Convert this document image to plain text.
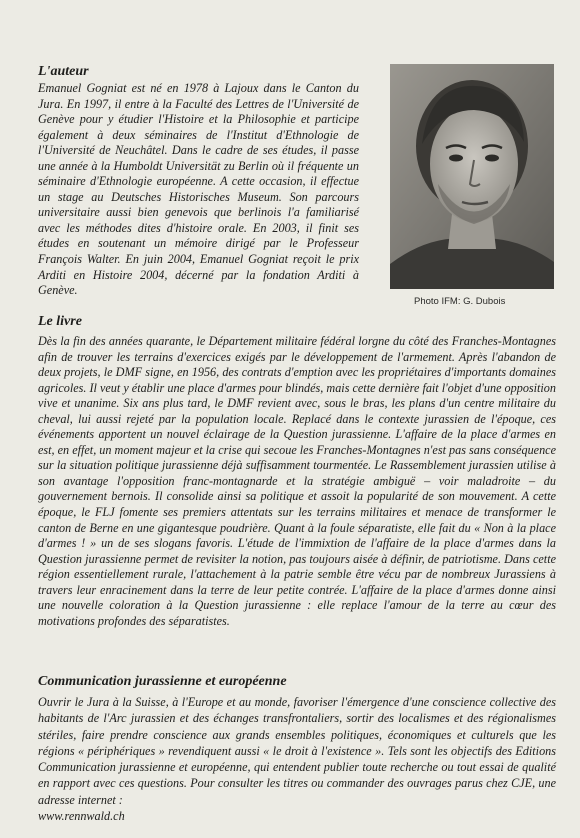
L'auteur

Emanuel Gogniat est né en 1978 à Lajoux dans le Canton du Jura. En 1997, il entre à la Faculté des Lettres de l'Université de Genève pour y étudier l'Histoire et la Philosophie et participe également à deux séminaires de l'Institut d'Ethnologie de l'Université de Neuchâtel. Dans le cadre de ses études, il passe une année à la Humboldt Universität zu Berlin où il fréquente un séminaire d'Ethnologie européenne. A cette occasion, il effectue un stage au Deutsches Historisches Museum. Son parcours universitaire aussi bien genevois que berlinois l'a familiarisé avec les méthodes dites d'histoire orale. En 2003, il finit ses études en soutenant un mémoire dirigé par le Professeur François Walter. En juin 2004, Emanuel Gogniat reçoit le prix Arditi en Histoire 2004, décerné par la fondation Arditi à Genève.

Photo IFM: G. Dubois
Le livre

Dès la fin des années quarante, le Département militaire fédéral lorgne du côté des Franches-Montagnes afin de trouver les terrains d'exercices exigés par le développement de l'armement. Après l'abandon de deux projets, le DMF signe, en 1956, des contrats d'emption avec les propriétaires d'importants domaines agricoles. Il veut y établir une place d'armes pour blindés, mais cette dernière fait l'objet d'une opposition vive et unanime. Six ans plus tard, le DMF revient avec, sous le bras, les plans d'un centre militaire du cheval, lui aussi rejeté par la population locale. Replacé dans le contexte jurassien de l'époque, ces événements apportent un nouvel éclairage de la Question jurassienne. L'affaire de la place d'armes en est, en effet, un moment majeur et la crise qui secoue les Franches-Montagnes n'est pas sans conséquence sur la situation politique jurassienne déjà suffisamment tourmentée. Le Rassemblement jurassien utilise à son avantage l'opposition franc-montagnarde et la stratégie ambiguë – voir maladroite – du gouvernement bernois. Il consolide ainsi sa politique et assoit la popularité de son mouvement. A cette époque, le FLJ fomente ses premiers attentats sur les terrains militaires et menace de transformer le canton de Berne en une gigantesque poudrière. Quant à la foule séparatiste, elle fait du « Non à la place d'armes ! » un de ses slogans favoris. L'étude de l'immixtion de l'affaire de la place d'armes dans la Question jurassienne permet de revisiter la notion, pas toujours aisée à définir, de patriotisme. Dans cette région essentiellement rurale, l'attachement à la patrie semble être vécu par de nombreux Jurassiens à travers leur enracinement dans la terre de leur petite contrée. L'affaire de la place d'armes donne ainsi une nouvelle coloration à la Question jurassienne : elle replace l'amour de la terre au cœur des motivations profondes des séparatistes.

Communication jurassienne et européenne
Ouvrir le Jura à la Suisse, à l'Europe et au monde, favoriser l'émergence d'une conscience collective des habitants de l'Arc jurassien et des échanges transfrontaliers, sortir des localismes et des régionalismes stériles, faire prendre conscience aux grands ensembles politiques, économiques et culturels que les régions « périphériques » revendiquent aussi « le droit à l'existence ». Tels sont les objectifs des Editions Communication jurassienne et européenne, qui entendent publier toute recherche ou tout essai de qualité en rapport avec ces questions. Pour consulter les titres ou commander des ouvrages parus chez CJE, une adresse internet :
www.rennwald.ch
